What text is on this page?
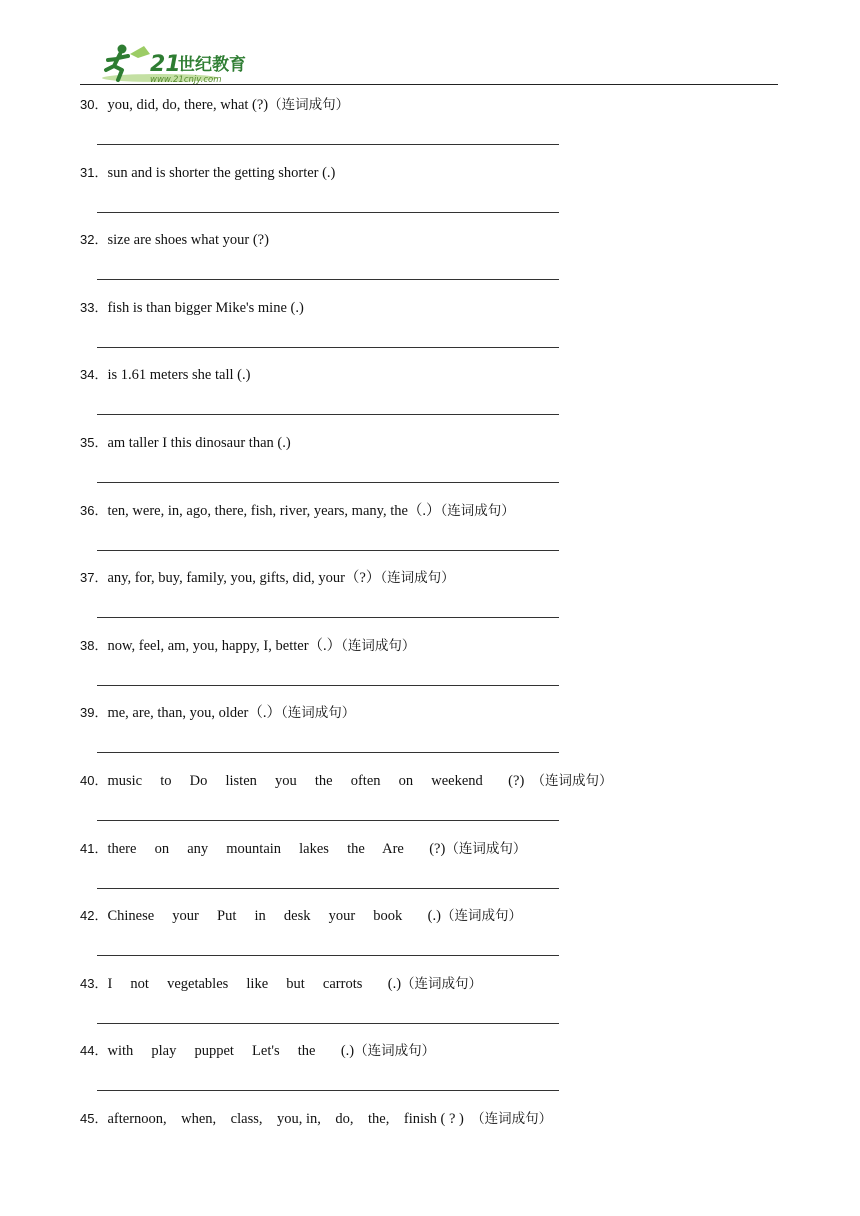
21
世纪教育
www.21cnjy.com
30．you, did, do, there, what (?)（连词成句）
31．sun and is shorter the getting shorter (.)
32．size are shoes what your (?)
33．fish is than bigger Mike's mine (.)
34．is 1.61 meters she tall (.)
35．am taller I this dinosaur than (.)
36．ten, were, in, ago, there, fish, river, years, many, the（.）（连词成句）
37．any, for, buy, family, you, gifts, did, your（?）（连词成句）
38．now, feel, am, you, happy, I, better（.）（连词成句）
39．me, are, than, you, older（.）（连词成句）
40．music     to     Do     listen     you     the     often     on     weekend       (?)  （连词成句）
41．there     on     any     mountain     lakes     the     Are       (?)（连词成句）
42．Chinese     your     Put     in     desk     your     book       (.)（连词成句）
43．I     not     vegetables     like     but     carrots       (.)（连词成句）
44．with     play     puppet     Let's     the       (.)（连词成句）
45．afternoon,    when,    class,    you, in,    do,    the,    finish ( ? )  （连词成句）
